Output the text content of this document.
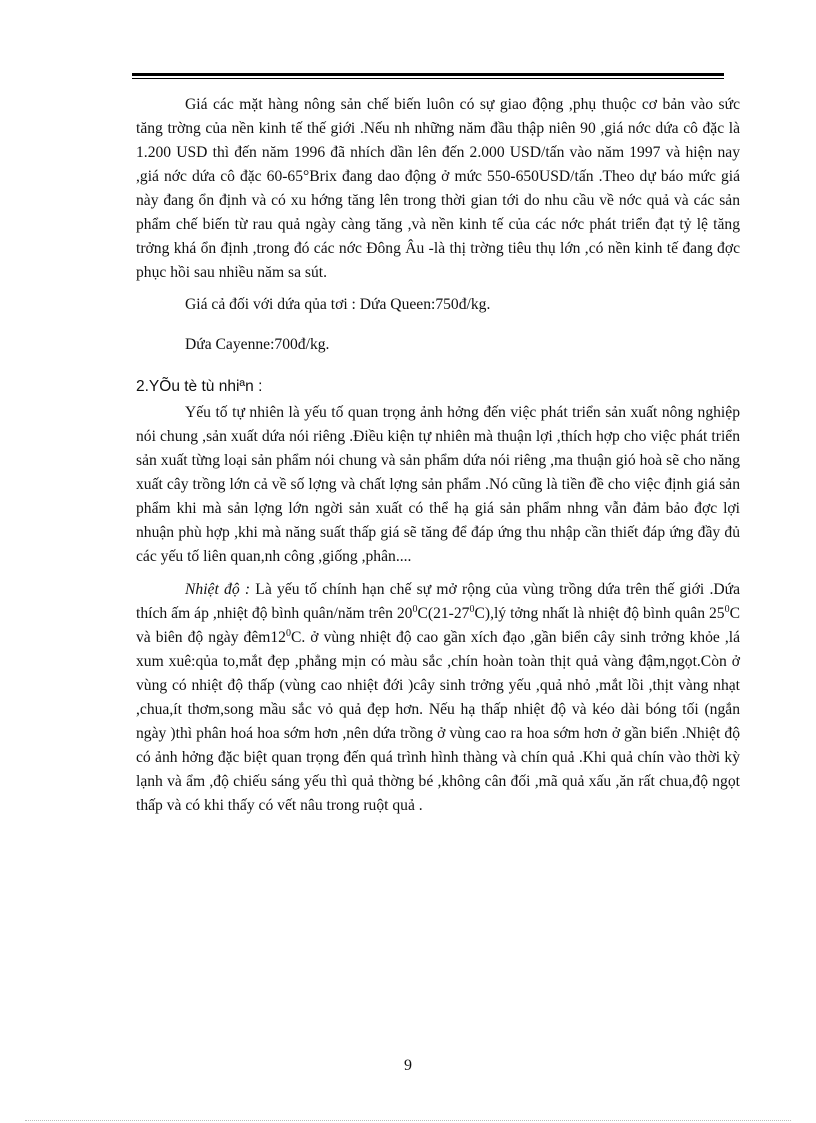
Giá các mặt hàng nông sản chế biến luôn có sự giao động ,phụ thuộc cơ bản vào sức tăng trờng của nền kinh tế thế giới .Nếu nh những năm đầu thập niên 90 ,giá nớc dứa cô đặc là 1.200 USD thì đến năm 1996 đã nhích dần lên đến 2.000 USD/tấn vào năm 1997 và hiện nay ,giá nớc dứa cô đặc 60-65°Brix đang dao động ở mức 550-650USD/tấn .Theo dự báo mức giá này đang ổn định và có xu hớng tăng lên trong thời gian tới do nhu cầu về nớc quả và các sản phẩm chế biến từ rau quả ngày càng tăng ,và nền kinh tế của các nớc phát triển đạt tỷ lệ tăng trởng khá ổn định ,trong đó các nớc Đông Âu -là thị trờng tiêu thụ lớn ,có nền kinh tế đang đợc phục hồi sau nhiều năm sa sút.

Giá cả đối với dứa qủa tơi : Dứa Queen:750đ/kg.

Dứa Cayenne:700đ/kg.

2.YÕu tè tù nhiªn :

Yếu tố tự nhiên là yếu tố quan trọng ảnh hởng đến việc phát triển sản xuất nông nghiệp nói chung ,sản xuất dứa nói riêng .Điều kiện tự nhiên mà thuận lợi ,thích hợp cho việc phát triển sản xuất từng loại sản phẩm nói chung và sản phẩm dứa nói riêng ,ma thuận gió hoà sẽ cho năng xuất cây trồng lớn cả về số lợng và chất lợng sản phẩm .Nó cũng là tiền đề cho việc định giá sản phẩm khi mà sản lợng lớn ngời sản xuất có thể hạ giá sản phẩm nhng vẫn đảm bảo đợc lợi nhuận phù hợp ,khi mà năng suất thấp giá sẽ tăng để đáp ứng thu nhập cần thiết đáp ứng đầy đủ các yếu tố liên quan,nh công ,giống ,phân....

Nhiệt độ : Là yếu tố chính hạn chế sự mở rộng của vùng trồng dứa trên thế giới .Dứa thích ấm áp ,nhiệt độ bình quân/năm trên $20^0C(21-27^0C),lý$ tởng nhất là nhiệt độ bình quân $25^0C$ và biên độ ngày $đêm12^0C$. ở vùng nhiệt độ cao gần xích đạo ,gần biển cây sinh trởng khỏe ,lá xum xuê:qủa to,mắt đẹp ,phẳng mịn có màu sắc ,chín hoàn toàn thịt quả vàng đậm,ngọt.Còn ở vùng có nhiệt độ thấp (vùng cao nhiệt đới )cây sinh trởng yếu ,quả nhỏ ,mắt lồi ,thịt vàng nhạt ,chua,ít thơm,song mầu sắc vỏ quả đẹp hơn. Nếu hạ thấp nhiệt độ và kéo dài bóng tối (ngắn ngày )thì phân hoá hoa sớm hơn ,nên dứa trồng ở vùng cao ra hoa sớm hơn ở gần biển .Nhiệt độ có ảnh hởng đặc biệt quan trọng đến quá trình hình thàng và chín quả .Khi quả chín vào thời kỳ lạnh và ẩm ,độ chiếu sáng yếu thì quả thờng bé ,không cân đối ,mã quả xấu ,ăn rất chua,độ ngọt thấp và có khi thấy có vết nâu trong ruột quả .

9
